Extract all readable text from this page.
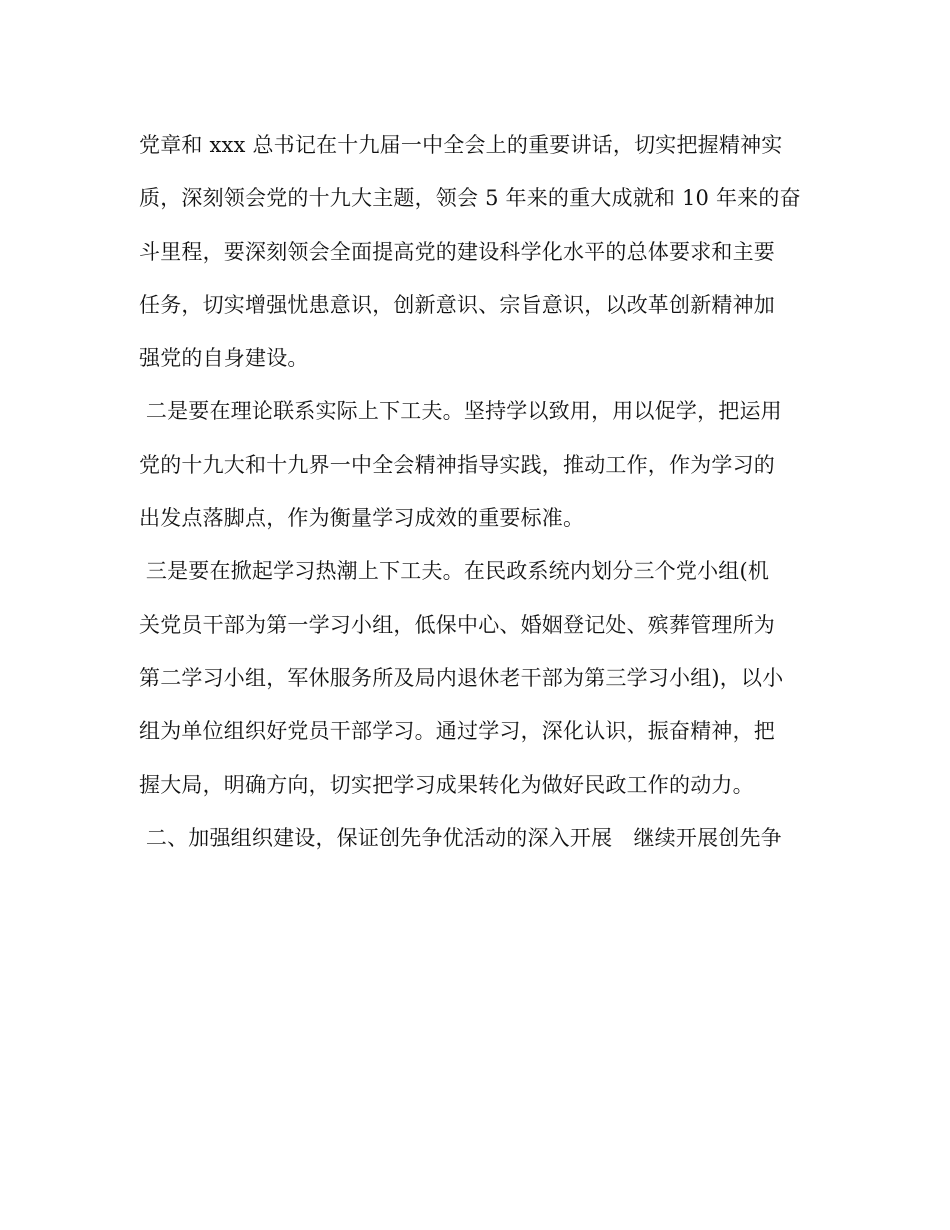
党章和 xxx 总书记在十九届一中全会上的重要讲话，切实把握精神实
质，深刻领会党的十九大主题，领会 5 年来的重大成就和 10 年来的奋
斗里程，要深刻领会全面提高党的建设科学化水平的总体要求和主要
任务，切实增强忧患意识，创新意识、宗旨意识，以改革创新精神加
强党的自身建设。
二是要在理论联系实际上下工夫。坚持学以致用，用以促学，把运用
党的十九大和十九界一中全会精神指导实践，推动工作，作为学习的
出发点落脚点，作为衡量学习成效的重要标准。
三是要在掀起学习热潮上下工夫。在民政系统内划分三个党小组(机
关党员干部为第一学习小组，低保中心、婚姻登记处、殡葬管理所为
第二学习小组，军休服务所及局内退休老干部为第三学习小组)，以小
组为单位组织好党员干部学习。通过学习，深化认识，振奋精神，把
握大局，明确方向，切实把学习成果转化为做好民政工作的动力。
二、加强组织建设，保证创先争优活动的深入开展　继续开展创先争
